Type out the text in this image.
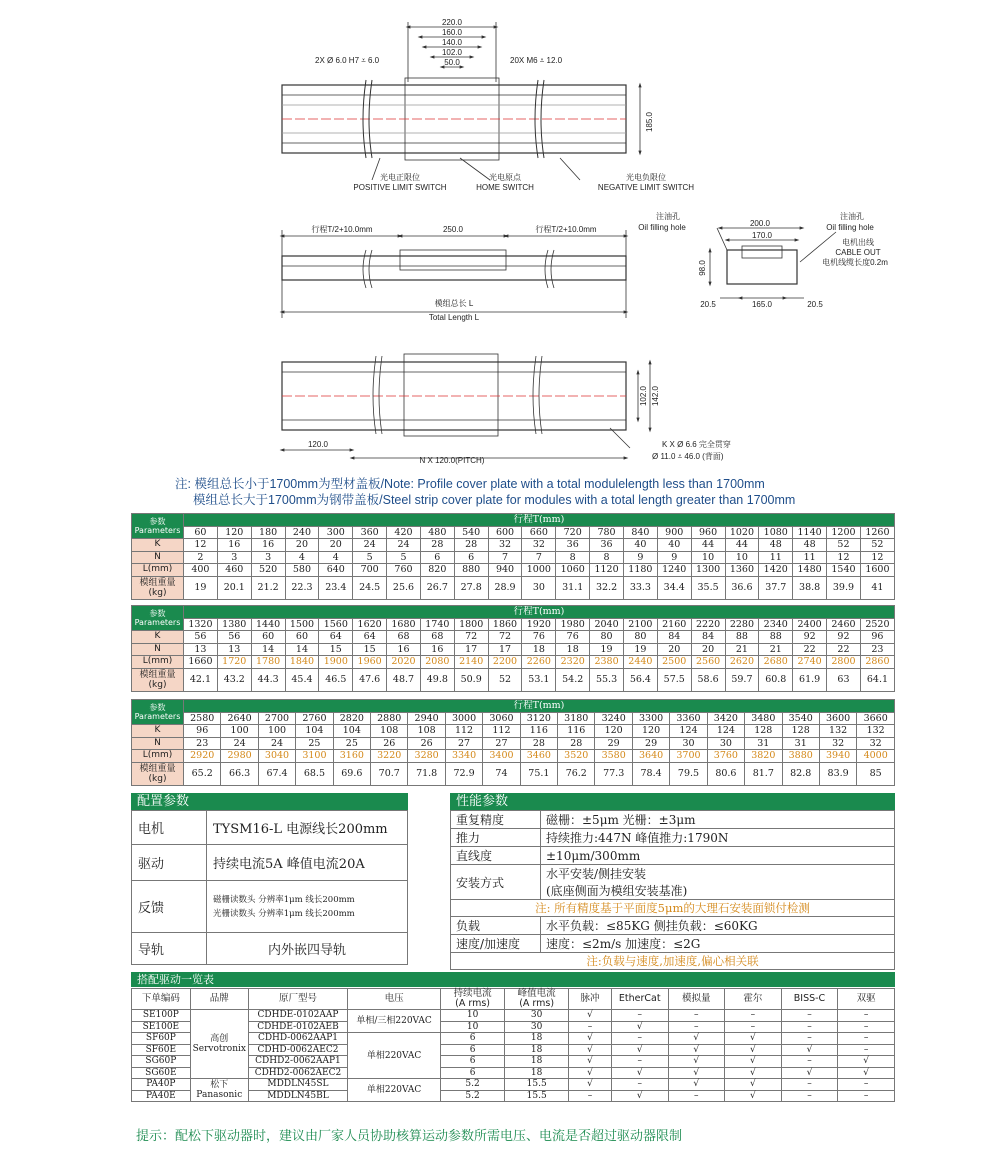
220.0
160.0
140.0
102.0
50.0
2X Ø 6.0 H7 ⩡ 6.0	20X M6 ⩡ 12.0
185.0
光电正限位
POSITIVE LIMIT SWITCH
光电原点
HOME SWITCH
光电负限位
NEGATIVE LIMIT SWITCH
行程T/2+10.0mm	250.0	行程T/2+10.0mm
模组总长 L
Total Length L
注油孔
Oil filling hole
注油孔
Oil filling hole
200.0
170.0
98.0
电机出线
CABLE OUT
电机线缆长度0.2m
20.5	165.0	20.5
102.0 142.0
120.0
N X 120.0(PITCH)
K X Ø 6.6 完全贯穿
Ø 11.0 ⩡ 46.0 (背面)
注: 模组总长小于1700mm为型材盖板/Note: Profile cover plate with a total modulelength less than 1700mm
模组总长大于1700mm为钢带盖板/Steel strip cover plate for modules with a total length greater than 1700mm
参数
Parameters	行程T(mm)																				
	60	120	180	240	300	360	420	480	540	600	660	720	780	840	900	960	1020	1080	1140	1200	1260
K	12	16	16	20	20	24	24	28	28	32	32	36	36	40	40	44	44	48	48	52	52
N	2	3	3	4	4	5	5	6	6	7	7	8	8	9	9	10	10	11	11	12	12
L(mm)	400	460	520	580	640	700	760	820	880	940	1000	1060	1120	1180	1240	1300	1360	1420	1480	1540	1600

模组重量
(kg)	19	20.1	21.2	22.3	23.4	24.5	25.6	26.7	27.8	28.9	30	31.1	32.2	33.3	34.4	35.5	36.6	37.7	38.8	39.9	41
参数
Parameters	行程T(mm)																				
	1320	1380	1440	1500	1560	1620	1680	1740	1800	1860	1920	1980	2040	2100	2160	2220	2280	2340	2400	2460	2520
K	56	56	60	60	64	64	68	68	72	72	76	76	80	80	84	84	88	88	92	92	96
N	13	13	14	14	15	15	16	16	17	17	18	18	19	19	20	20	21	21	22	22	23
L(mm)	1660	1720	1780	1840	1900	1960	2020	2080	2140	2200	2260	2320	2380	2440	2500	2560	2620	2680	2740	2800	2860

模组重量
(kg)	42.1	43.2	44.3	45.4	46.5	47.6	48.7	49.8	50.9	52	53.1	54.2	55.3	56.4	57.5	58.6	59.7	60.8	61.9	63	64.1
参数
Parameters	行程T(mm)																		
	2580	2640	2700	2760	2820	2880	2940	3000	3060	3120	3180	3240	3300	3360	3420	3480	3540	3600	3660
K	96	100	100	104	104	108	108	112	112	116	116	120	120	124	124	128	128	132	132
N	23	24	24	25	25	26	26	27	27	28	28	29	29	30	30	31	31	32	32
L(mm)	2920	2980	3040	3100	3160	3220	3280	3340	3400	3460	3520	3580	3640	3700	3760	3820	3880	3940	4000

模组重量
(kg)	65.2	66.3	67.4	68.5	69.6	70.7	71.8	72.9	74	75.1	76.2	77.3	78.4	79.5	80.6	81.7	82.8	83.9	85
配置参数
电机	TYSM16-L 电源线长200mm
驱动	持续电流5A 峰值电流20A
反馈	磁栅读数头 分辨率1μm 线长200mm
光栅读数头 分辨率1μm 线长200mm

导轨	内外嵌四导轨
性能参数
重复精度	磁栅：±5μm 光栅：±3μm
推力	持续推力:447N 峰值推力:1790N
直线度	±10μm/300mm
安装方式	水平安装/侧挂安装
(底座侧面为模组安装基准)

注: 所有精度基于平面度5μm的大理石安装面锁付检测	
负载	水平负载：≤85KG 侧挂负载：≤60KG
速度/加速度	速度：≤2m/s 加速度：≤2G
注:负载与速度,加速度,偏心相关联	
搭配驱动一览表
下单编码	品牌	原厂型号	电压	持续电流
(A rms)	峰值电流
(A rms)	脉冲	EtherCat	模拟量	霍尔	BISS-C	双驱
SE100P	高创
Servotronix	CDHDE-0102AAP	单相/三相220VAC	10	30	√	–	–	–	–	–
SE100E		CDHDE-0102AEB		10	30	–	√	–	–	–	–
SF60P		CDHD-0062AAP1	单相220VAC	6	18	√	–	√	√	–	–
SF60E		CDHD-0062AEC2		6	18	√	√	√	√	√	–
SG60P		CDHD2-0062AAP1		6	18	√	–	√	√	–	√
SG60E		CDHD2-0062AEC2		6	18	√	√	√	√	√	√
PA40P	松下
Panasonic	MDDLN45SL	单相220VAC	5.2	15.5	√	–	√	√	–	–
PA40E		MDDLN45BL		5.2	15.5	–	√	–	√	–	–
提示：配松下驱动器时，建议由厂家人员协助核算运动参数所需电压、电流是否超过驱动器限制
